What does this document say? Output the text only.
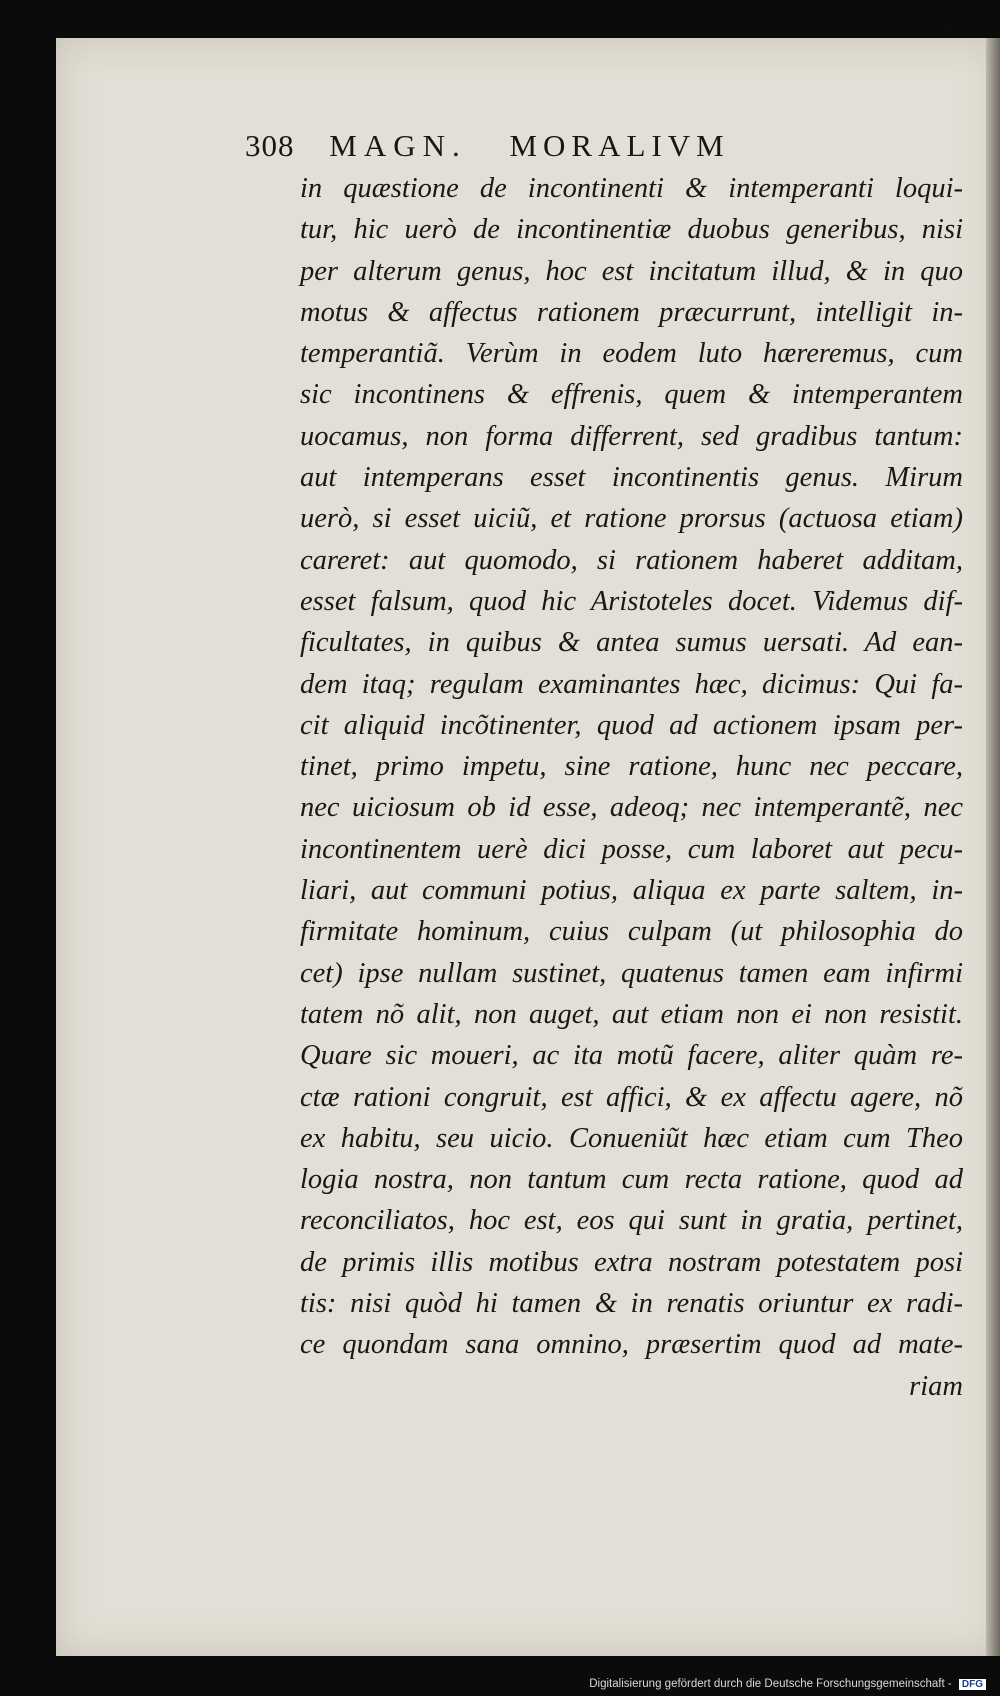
308 MAGN. MORALIVM
in quæstione de incontinenti & intemperanti loqui-
tur, hic uerò de incontinentiæ duobus generibus, nisi
per alterum genus, hoc est incitatum illud, & in quo
motus & affectus rationem præcurrunt, intelligit in-
temperantiã. Verùm in eodem luto hæreremus, cum
sic incontinens & effrenis, quem & intemperantem
uocamus, non forma differrent, sed gradibus tantum:
aut intemperans esset incontinentis genus. Mirum
uerò, si esset uiciũ, et ratione prorsus (actuosa etiam)
careret: aut quomodo, si rationem haberet additam,
esset falsum, quod hic Aristoteles docet. Videmus dif-
ficultates, in quibus & antea sumus uersati. Ad ean-
dem itaq; regulam examinantes hæc, dicimus: Qui fa-
cit aliquid incõtinenter, quod ad actionem ipsam per-
tinet, primo impetu, sine ratione, hunc nec peccare,
nec uiciosum ob id esse, adeoq; nec intemperantẽ, nec
incontinentem uerè dici posse, cum laboret aut pecu-
liari, aut communi potius, aliqua ex parte saltem, in-
firmitate hominum, cuius culpam (ut philosophia do
cet) ipse nullam sustinet, quatenus tamen eam infirmi
tatem nõ alit, non auget, aut etiam non ei non resistit.
Quare sic moueri, ac ita motũ facere, aliter quàm re-
ctæ rationi congruit, est affici, & ex affectu agere, nõ
ex habitu, seu uicio. Conueniũt hæc etiam cum Theo
logia nostra, non tantum cum recta ratione, quod ad
reconciliatos, hoc est, eos qui sunt in gratia, pertinet,
de primis illis motibus extra nostram potestatem posi
tis: nisi quòd hi tamen & in renatis oriuntur ex radi-
ce quondam sana omnino, præsertim quod ad mate-
riam
Digitalisierung gefördert durch die Deutsche Forschungsgemeinschaft - DFG
